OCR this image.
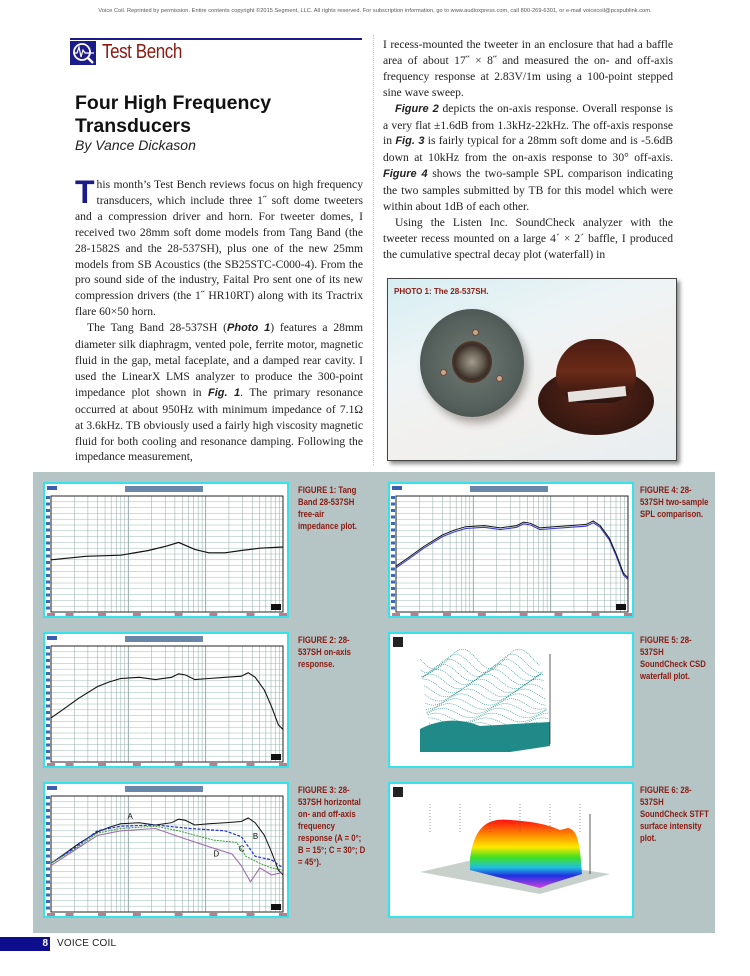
Voice Coil. Reprinted by permission. Entire contents copyright ©2015 Segment, LLC. All rights reserved. For subscription information, go to www.audioxpress.com, call 800-269-6301, or e-mail voicecoil@pcspublink.com.
Test Bench
Four High Frequency Transducers
By Vance Dickason

This month’s Test Bench reviews focus on high frequency transducers, which include three 1˝ soft dome tweeters and a compression driver and horn. For tweeter domes, I received two 28mm soft dome models from Tang Band (the 28-1582S and the 28-537SH), plus one of the new 25mm models from SB Acoustics (the SB25STC-C000-4). From the pro sound side of the industry, Faital Pro sent one of its new compression drivers (the 1˝ HR10RT) along with its Tractrix flare 60×50 horn.

The Tang Band 28-537SH (Photo 1) features a 28mm diameter silk diaphragm, vented pole, ferrite motor, magnetic fluid in the gap, metal faceplate, and a damped rear cavity. I used the LinearX LMS analyzer to produce the 300-point impedance plot shown in Fig. 1. The primary resonance occurred at about 950Hz with minimum impedance of 7.1Ω at 3.6kHz. TB obviously used a fairly high viscosity magnetic fluid for both cooling and resonance damping. Following the impedance measurement,

I recess-mounted the tweeter in an enclosure that had a baffle area of about 17˝ × 8˝ and measured the on- and off-axis frequency response at 2.83V/1m using a 100-point stepped sine wave sweep.

Figure 2 depicts the on-axis response. Overall response is a very flat ±1.6dB from 1.3kHz-22kHz. The off-axis response in Fig. 3 is fairly typical for a 28mm soft dome and is -5.6dB down at 10kHz from the on-axis response to 30° off-axis. Figure 4 shows the two-sample SPL comparison indicating the two samples submitted by TB for this model which were within about 1dB of each other.

Using the Listen Inc. SoundCheck analyzer with the tweeter recess mounted on a large 4´ × 2´ baffle, I produced the cumulative spectral decay plot (waterfall) in

PHOTO 1: The 28-537SH.
FIGURE 1: Tang Band 28-537SH free-air impedance plot.
FIGURE 4: 28-537SH two-sample SPL comparison.
FIGURE 2: 28-537SH on-axis response.
FIGURE 5: 28-537SH SoundCheck CSD waterfall plot.
A
B
C
D
FIGURE 3: 28-537SH horizontal on- and off-axis frequency response (A = 0°; B = 15°; C = 30°; D = 45°).
FIGURE 6: 28-537SH SoundCheck STFT surface intensity plot.
8 VOICE COIL
